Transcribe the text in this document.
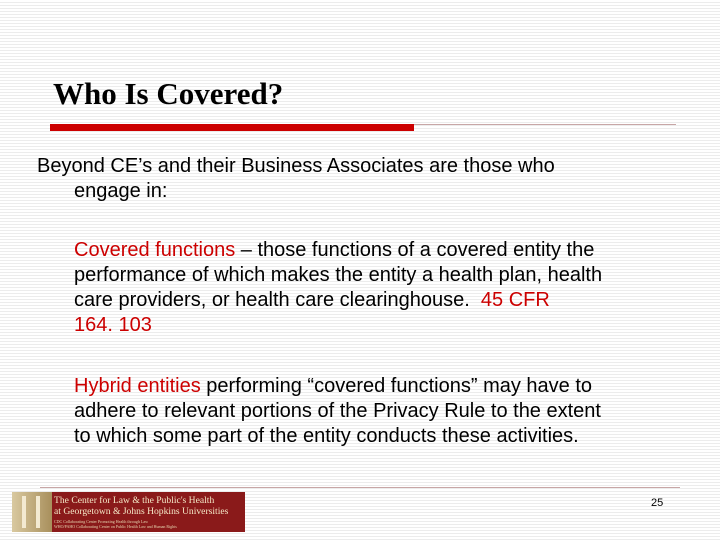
Who Is Covered?
Beyond CE’s and their Business Associates are those who
engage in:
Covered functions – those functions of a covered entity the
performance of which makes the entity a health plan, health
care providers, or health care clearinghouse.  45 CFR
164. 103
Hybrid entities performing “covered functions” may have to
adhere to relevant portions of the Privacy Rule to the extent
to which some part of the entity conducts these activities.
The Center for Law & the Public's Health
at Georgetown & Johns Hopkins Universities
CDC Collaborating Center Promoting Health through Law
WHO/PAHO Collaborating Center on Public Health Law and Human Rights
25
